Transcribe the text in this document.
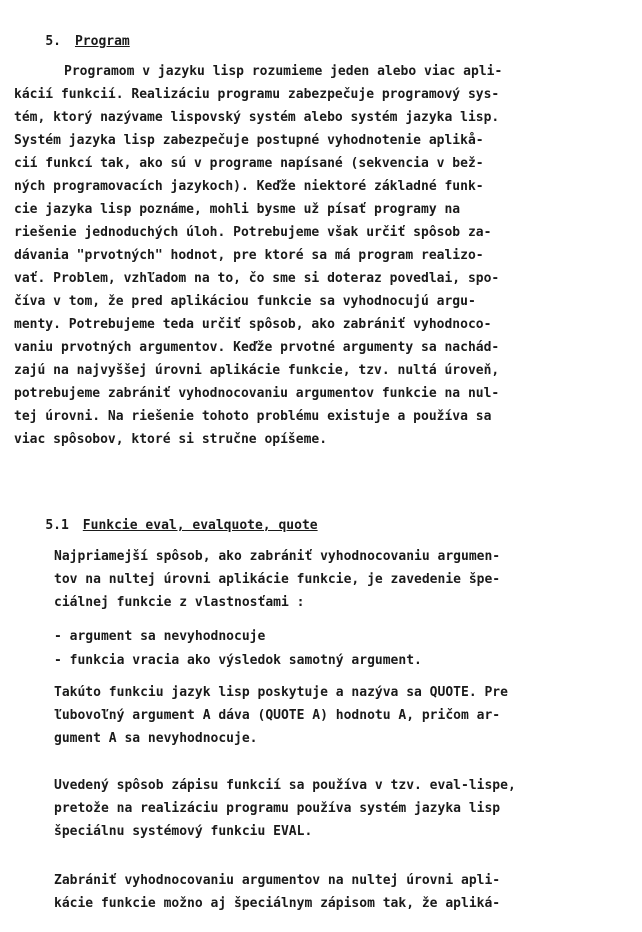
5. Program

Programom v jazyku lisp rozumieme jeden alebo viac apli-
kácií funkcií. Realizáciu programu zabezpečuje programový sys-
tém, ktorý nazývame lispovský systém alebo systém jazyka lisp.
Systém jazyka lisp zabezpečuje postupné vyhodnotenie aplikå-
cií funkcí tak, ako sú v programe napísané (sekvencia v bež-
ných programovacích jazykoch). Keďže niektoré základné funk-
cie jazyka lisp poznáme, mohli bysme už písať programy na
riešenie jednoduchých úloh. Potrebujeme však určiť spôsob za-
dávania "prvotných" hodnot, pre ktoré sa má program realizo-
vať. Problem, vzhľadom na to, čo sme si doteraz povedlai, spo-
číva v tom, že pred aplikáciou funkcie sa vyhodnocujú argu-
menty. Potrebujeme teda určiť spôsob, ako zabrániť vyhodnoco-
vaniu prvotných argumentov. Keďže prvotné argumenty sa nachád-
zajú na najvyššej úrovni aplikácie funkcie, tzv. nultá úroveň,
potrebujeme zabrániť vyhodnocovaniu argumentov funkcie na nul-
tej úrovni. Na riešenie tohoto problému existuje a používa sa
viac spôsobov, ktoré si stručne opíšeme.

5.1 Funkcie eval, evalquote, quote

Najpriamejší spôsob, ako zabrániť vyhodnocovaniu argumen-
tov na nultej úrovni aplikácie funkcie, je zavedenie špe-
ciálnej funkcie z vlastnosťami :
- argument sa nevyhodnocuje
- funkcia vracia ako výsledok samotný argument.
Takúto funkciu jazyk lisp poskytuje a nazýva sa QUOTE. Pre
ľubovoľný argument A dáva (QUOTE A) hodnotu A, pričom ar-
gument A sa nevyhodnocuje.
Uvedený spôsob zápisu funkcií sa používa v tzv. eval-lispe,
pretože na realizáciu programu používa systém jazyka lisp
špeciálnu systémový funkciu EVAL.
Zabrániť vyhodnocovaniu argumentov na nultej úrovni apli-
kácie funkcie možno aj špeciálnym zápisom tak, že apliká-
